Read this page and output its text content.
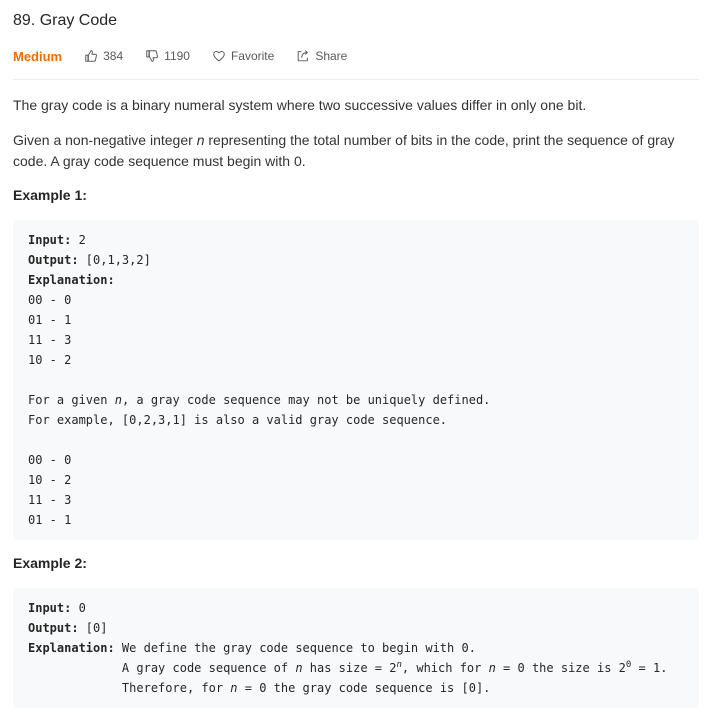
89. Gray Code
Medium	384	1190	Favorite	Share
The gray code is a binary numeral system where two successive values differ in only one bit.
Given a non-negative integer n representing the total number of bits in the code, print the sequence of gray code. A gray code sequence must begin with 0.
Example 1:
Input: 2
Output: [0,1,3,2]
Explanation:
00 - 0
01 - 1
11 - 3
10 - 2
For a given n, a gray code sequence may not be uniquely defined.
For example, [0,2,3,1] is also a valid gray code sequence.
00 - 0
10 - 2
11 - 3
01 - 1
Example 2:
Input: 0
Output: [0]
Explanation: We define the gray code sequence to begin with 0.
A gray code sequence of n has size = $2^n$, which for n = 0 the size is $2^0 = 1$.
Therefore, for n = 0 the gray code sequence is [0].
